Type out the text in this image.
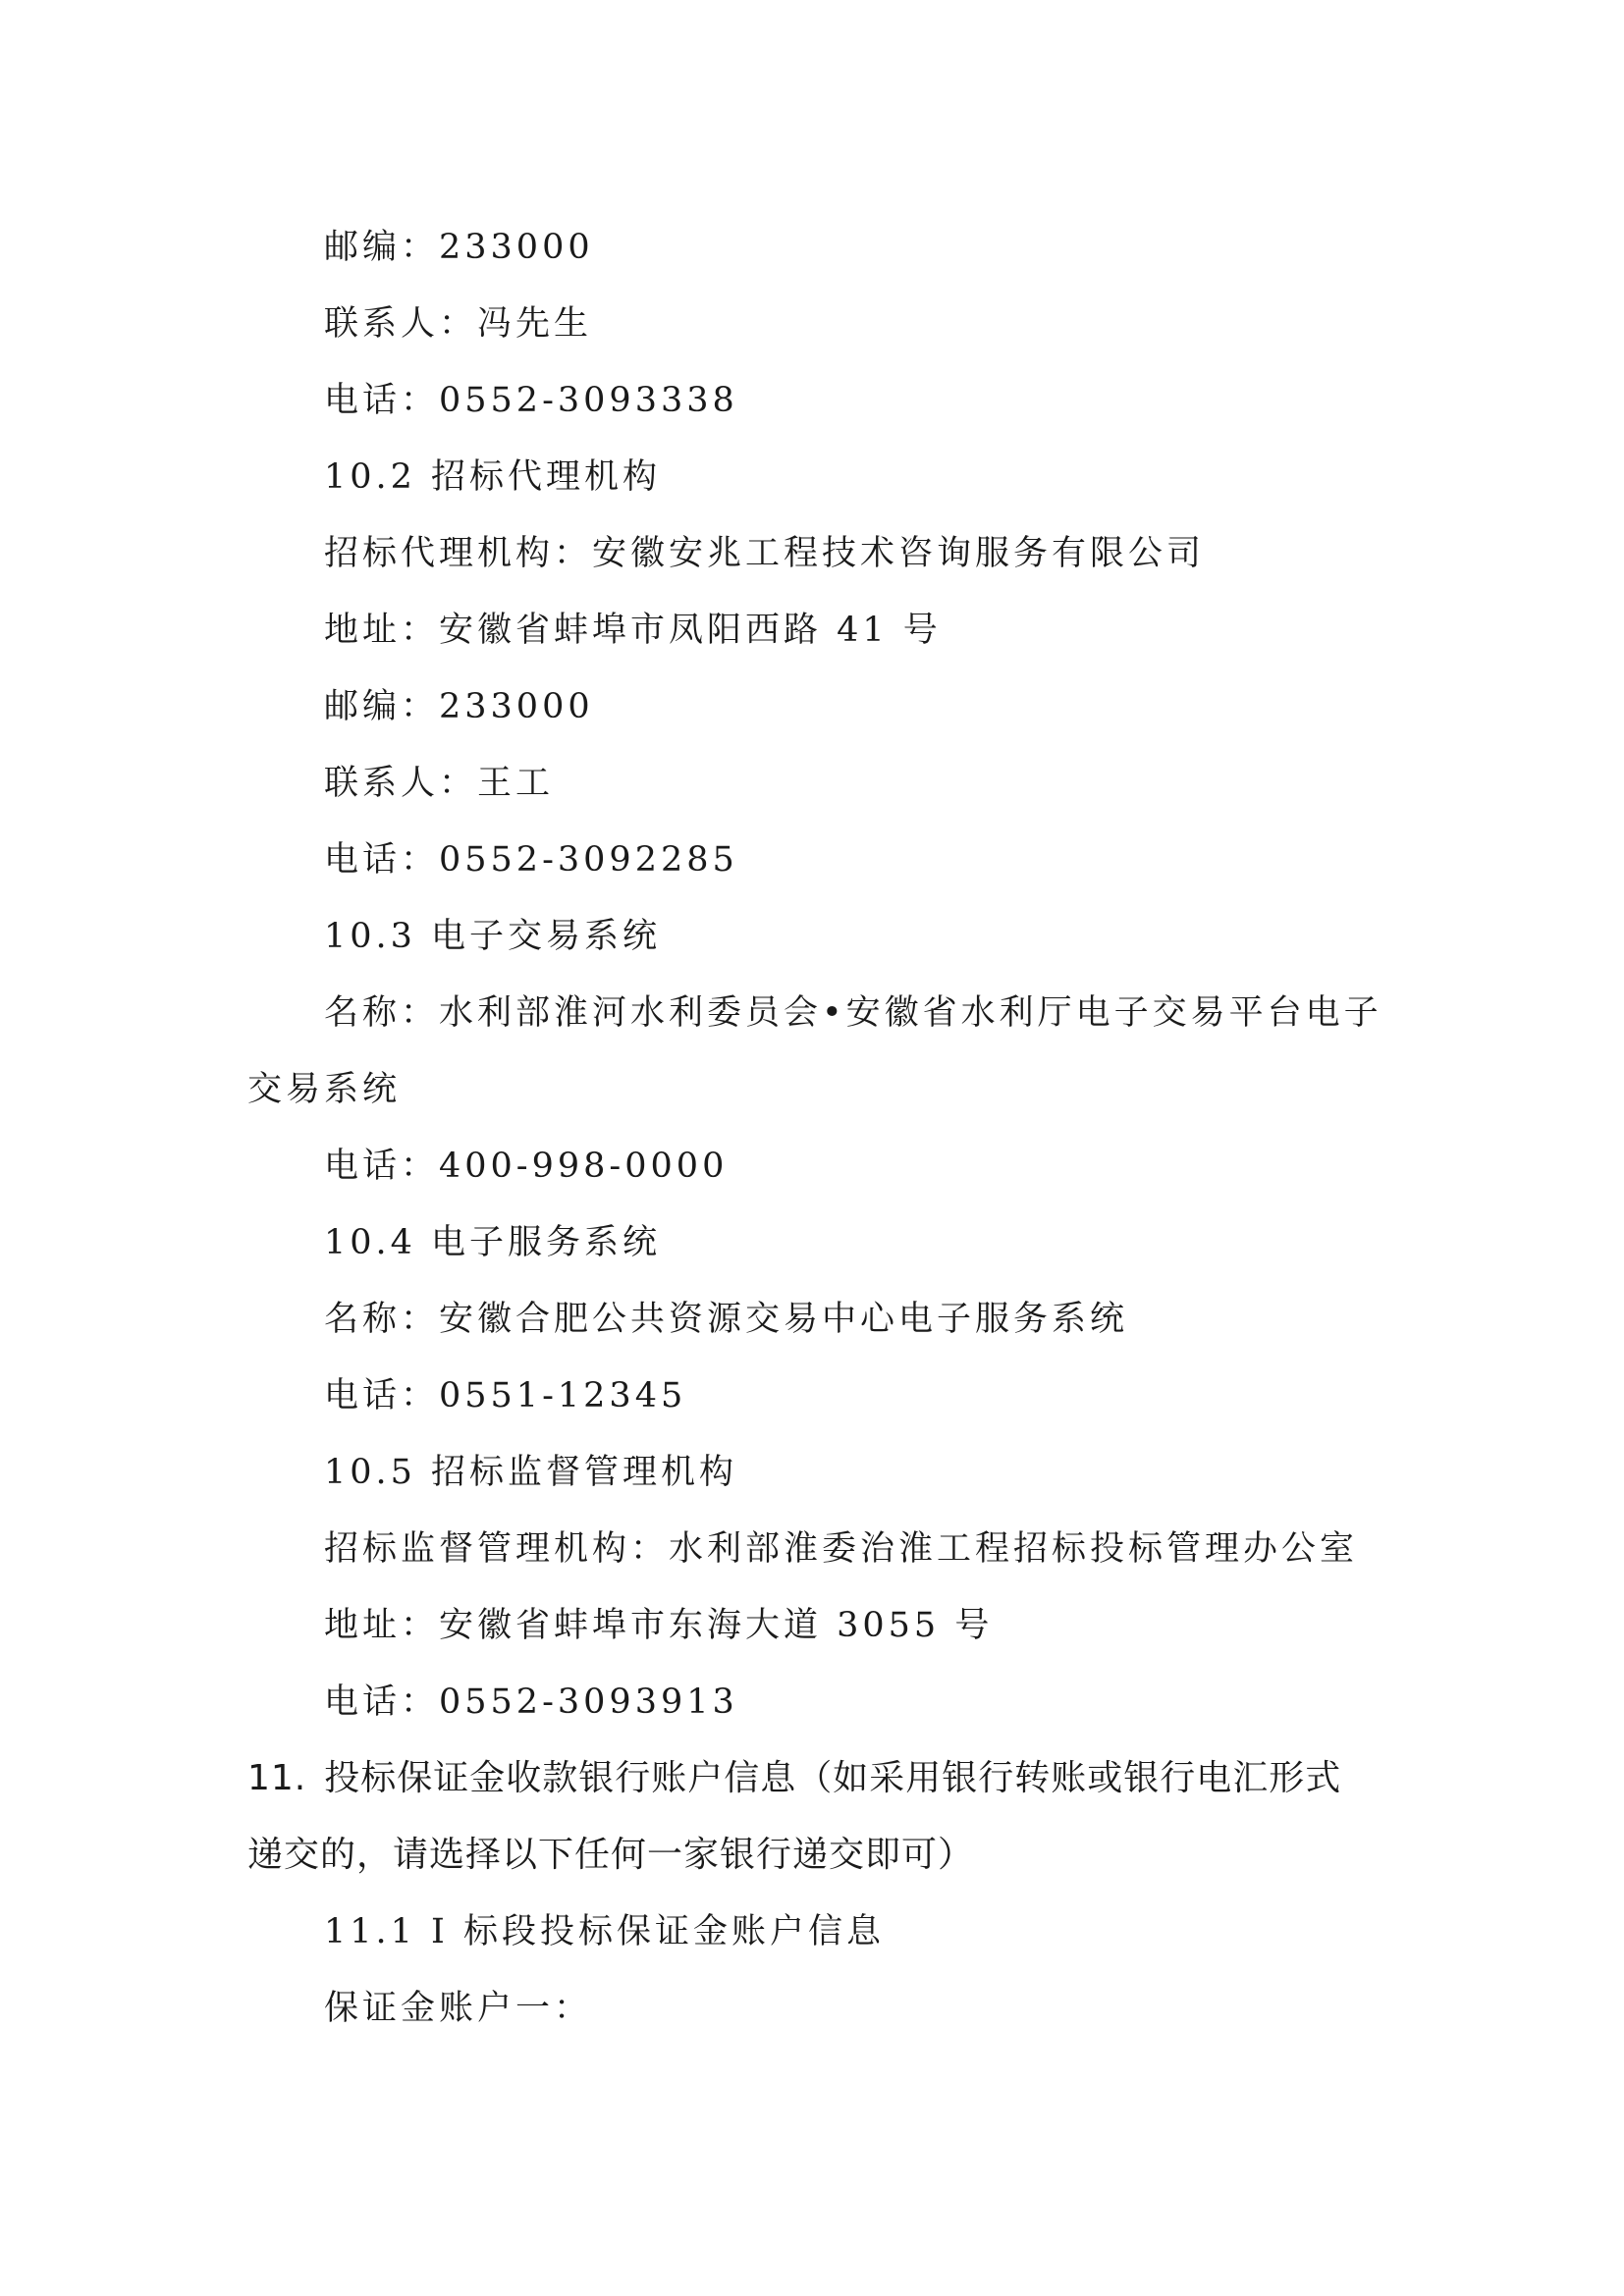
邮编：233000
联系人：冯先生
电话：0552-3093338
10.2 招标代理机构
招标代理机构：安徽安兆工程技术咨询服务有限公司
地址：安徽省蚌埠市凤阳西路 41 号
邮编：233000
联系人：王工
电话：0552-3092285
10.3 电子交易系统
名称：水利部淮河水利委员会•安徽省水利厅电子交易平台电子
交易系统
电话：400-998-0000
10.4 电子服务系统
名称：安徽合肥公共资源交易中心电子服务系统
电话：0551-12345
10.5 招标监督管理机构
招标监督管理机构：水利部淮委治淮工程招标投标管理办公室
地址：安徽省蚌埠市东海大道 3055 号
电话：0552-3093913
11. 投标保证金收款银行账户信息（如采用银行转账或银行电汇形式
递交的，请选择以下任何一家银行递交即可）
11.1 I 标段投标保证金账户信息
保证金账户一：
